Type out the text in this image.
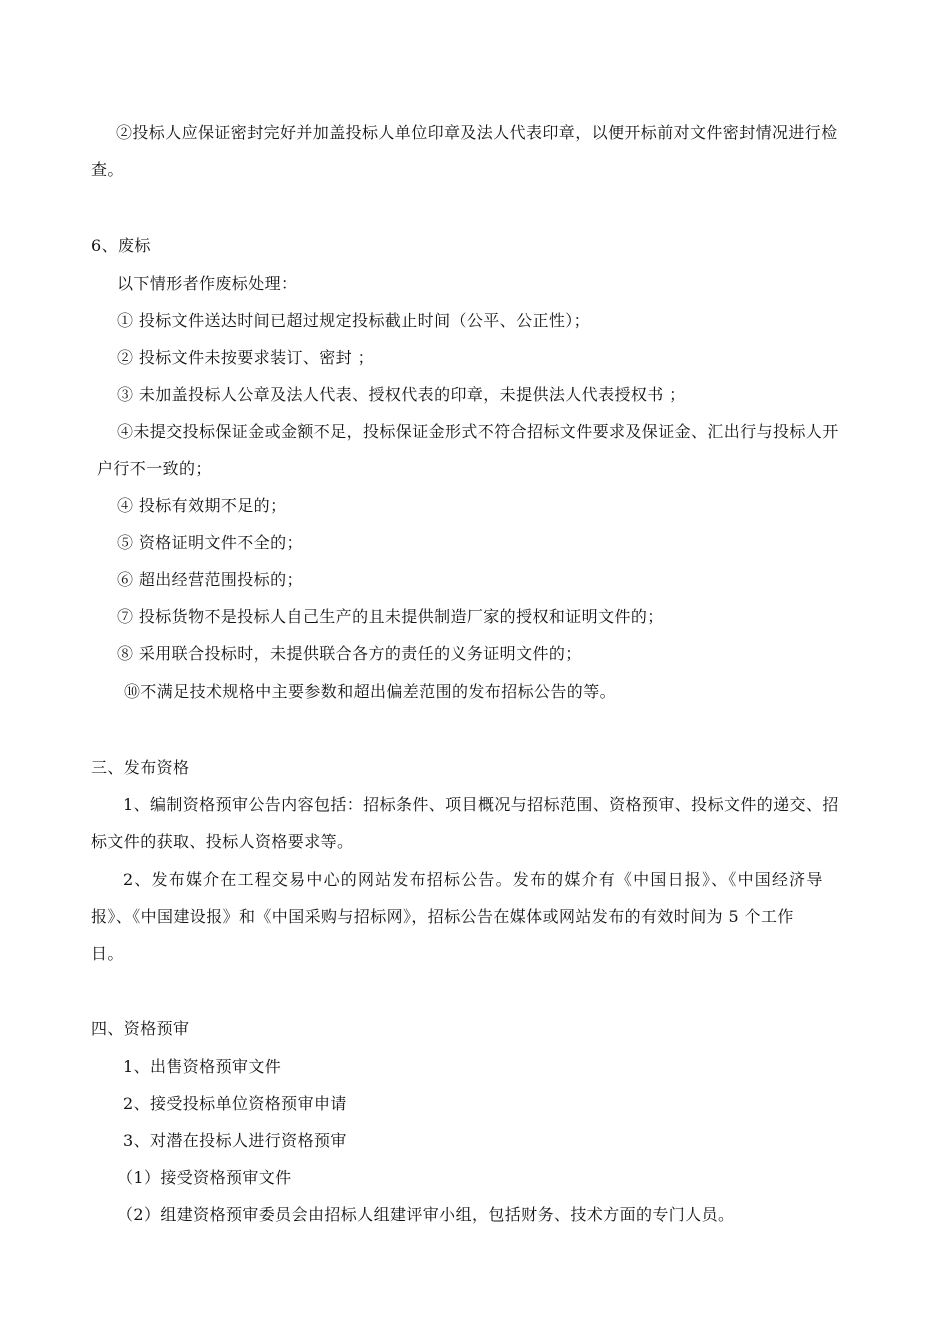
②投标人应保证密封完好并加盖投标人单位印章及法人代表印章，以便开标前对文件密封情况进行检
查。
6、废标
以下情形者作废标处理：
① 投标文件送达时间已超过规定投标截止时间（公平、公正性）；
② 投标文件未按要求装订、密封 ；
③ 未加盖投标人公章及法人代表、授权代表的印章，未提供法人代表授权书 ；
④未提交投标保证金或金额不足，投标保证金形式不符合招标文件要求及保证金、汇出行与投标人开
户行不一致的；
④ 投标有效期不足的；
⑤ 资格证明文件不全的；
⑥ 超出经营范围投标的；
⑦ 投标货物不是投标人自己生产的且未提供制造厂家的授权和证明文件的；
⑧ 采用联合投标时，未提供联合各方的责任的义务证明文件的；
⑩不满足技术规格中主要参数和超出偏差范围的发布招标公告的等。
三、发布资格
1、编制资格预审公告内容包括：招标条件、项目概况与招标范围、资格预审、投标文件的递交、招
标文件的获取、投标人资格要求等。
2、发布媒介在工程交易中心的网站发布招标公告。发布的媒介有《中国日报》、《中国经济导
报》、《中国建设报》和《中国采购与招标网》，招标公告在媒体或网站发布的有效时间为 5 个工作
日。
四、资格预审
1、出售资格预审文件
2、接受投标单位资格预审申请
3、对潜在投标人进行资格预审
（1）接受资格预审文件
（2）组建资格预审委员会由招标人组建评审小组，包括财务、技术方面的专门人员。
